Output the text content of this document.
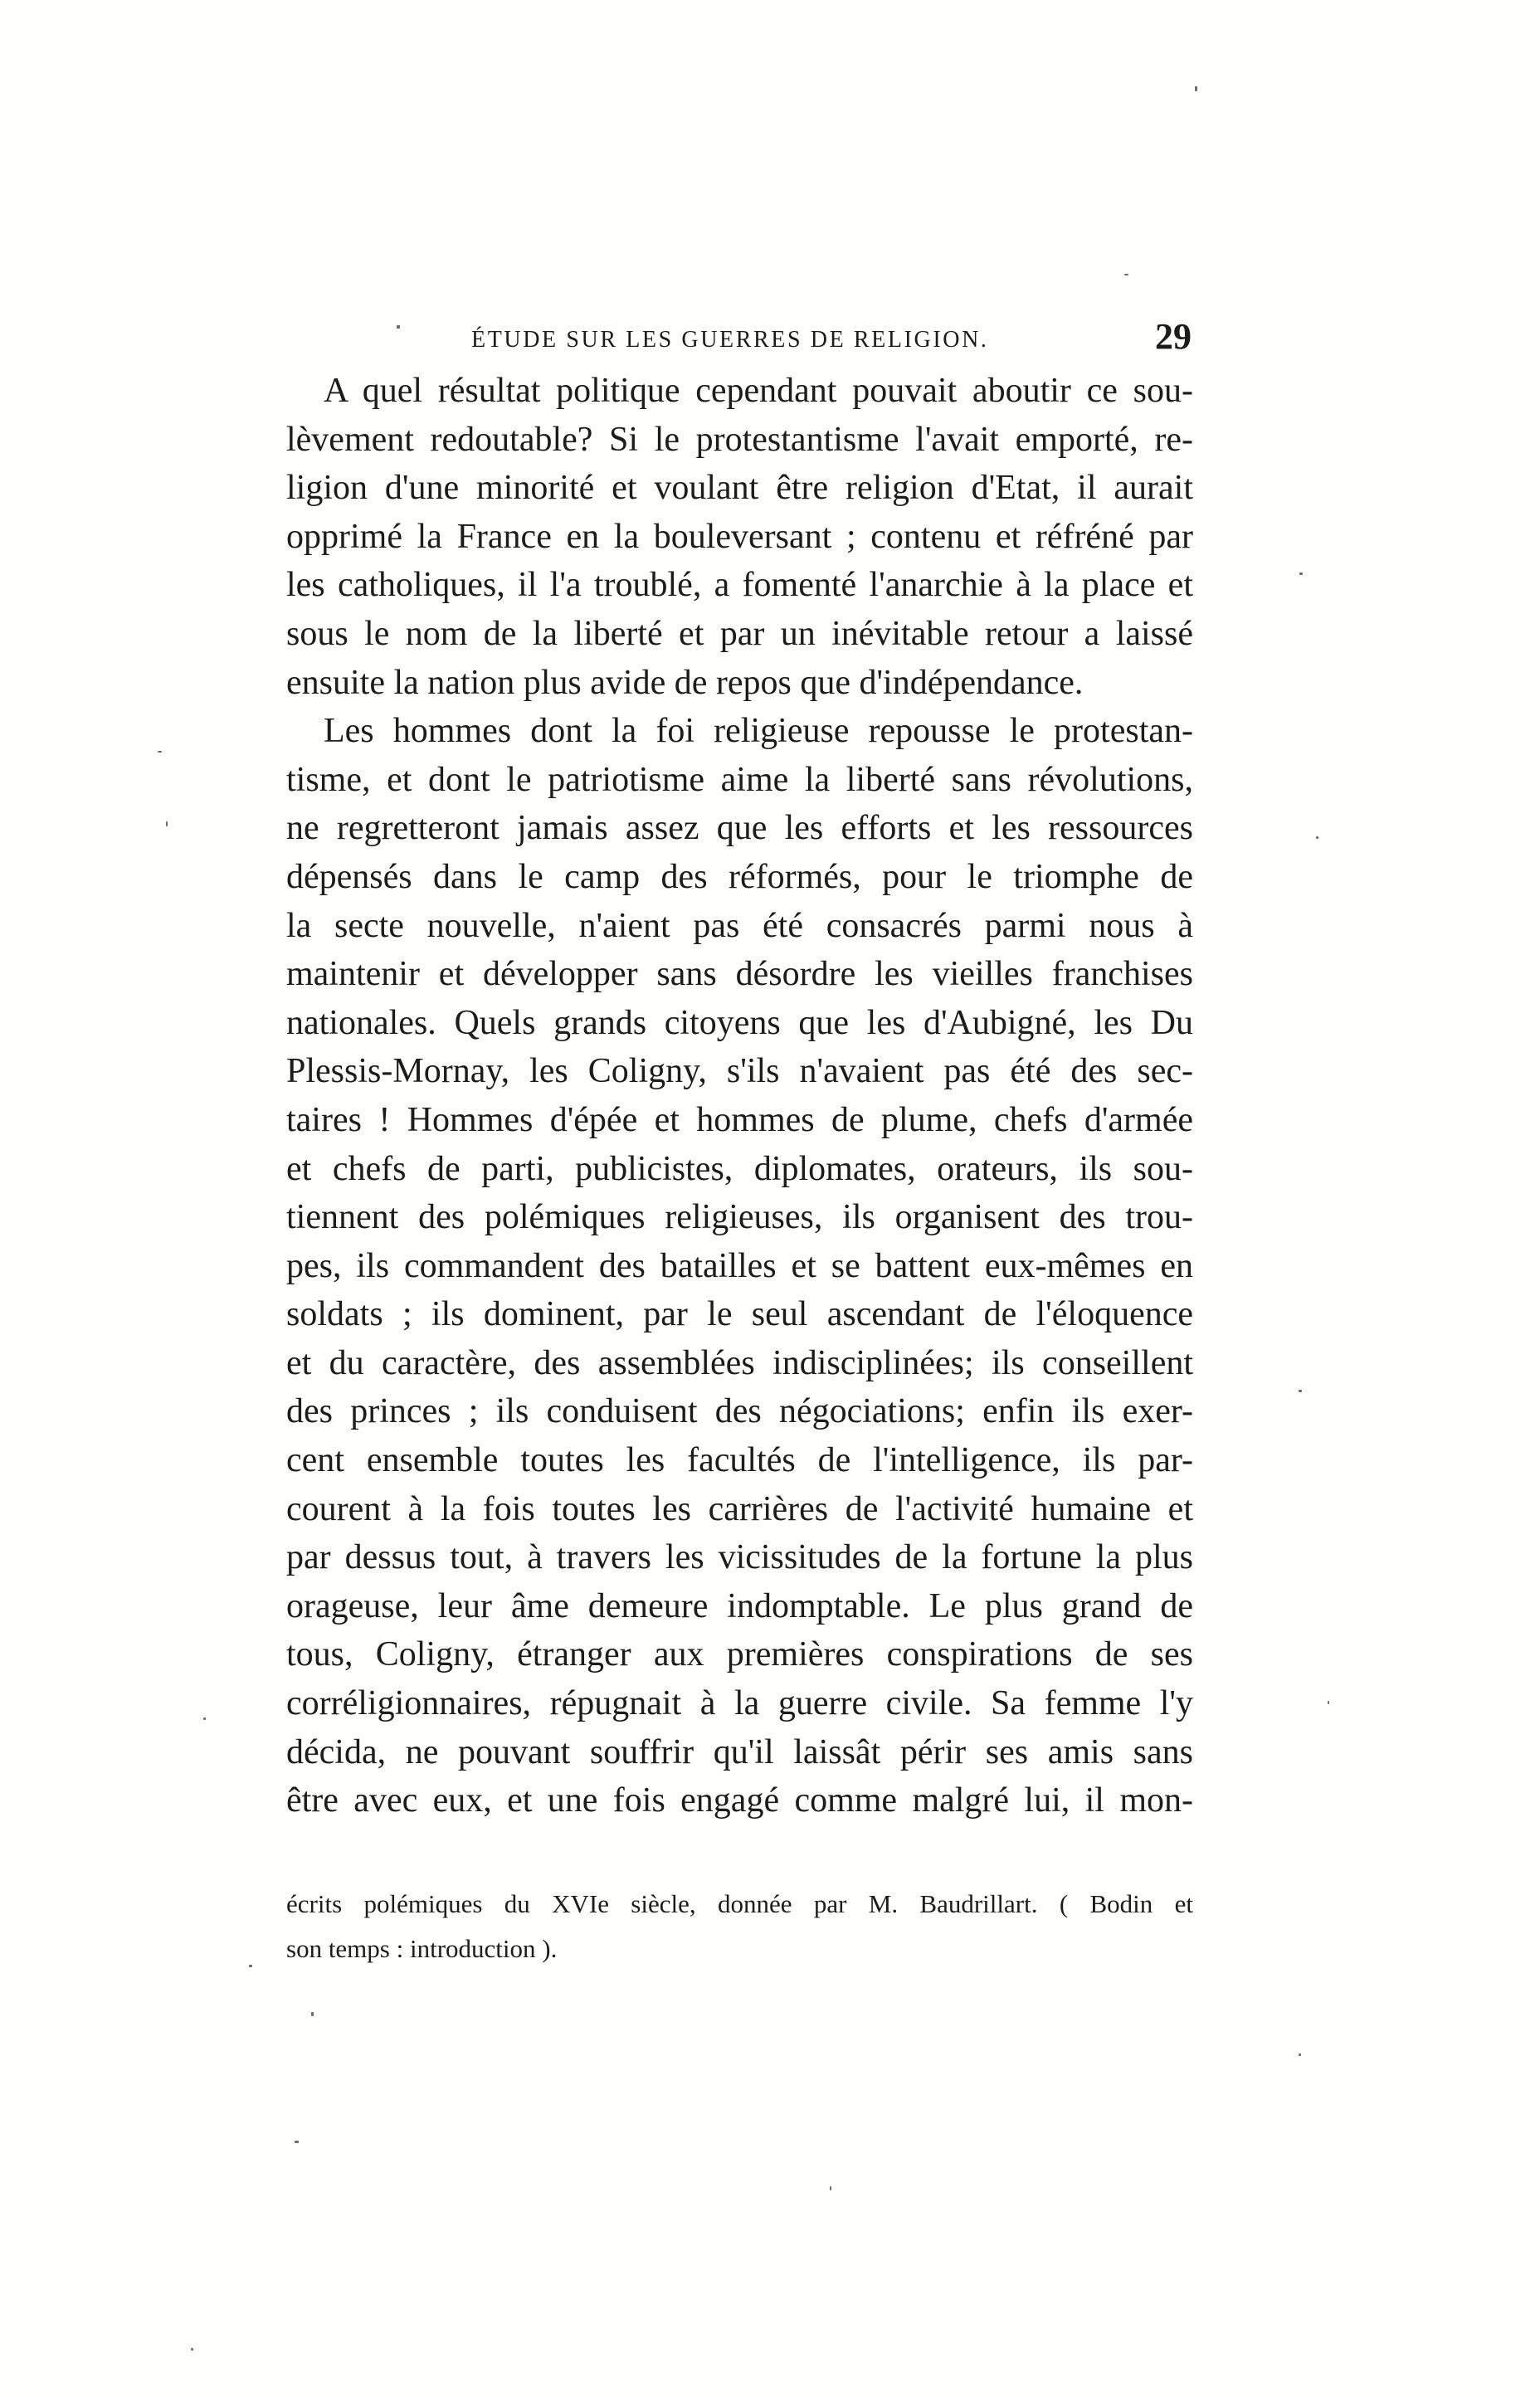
ÉTUDE SUR LES GUERRES DE RELIGION.	29
A quel résultat politique cependant pouvait aboutir ce sou-
lèvement redoutable? Si le protestantisme l'avait emporté, re-
ligion d'une minorité et voulant être religion d'Etat, il aurait
opprimé la France en la bouleversant ; contenu et réfréné par
les catholiques, il l'a troublé, a fomenté l'anarchie à la place et
sous le nom de la liberté et par un inévitable retour a laissé
ensuite la nation plus avide de repos que d'indépendance.
Les hommes dont la foi religieuse repousse le protestan-
tisme, et dont le patriotisme aime la liberté sans révolutions,
ne regretteront jamais assez que les efforts et les ressources
dépensés dans le camp des réformés, pour le triomphe de
la secte nouvelle, n'aient pas été consacrés parmi nous à
maintenir et développer sans désordre les vieilles franchises
nationales. Quels grands citoyens que les d'Aubigné, les Du
Plessis-Mornay, les Coligny, s'ils n'avaient pas été des sec-
taires ! Hommes d'épée et hommes de plume, chefs d'armée
et chefs de parti, publicistes, diplomates, orateurs, ils sou-
tiennent des polémiques religieuses, ils organisent des trou-
pes, ils commandent des batailles et se battent eux-mêmes en
soldats ; ils dominent, par le seul ascendant de l'éloquence
et du caractère, des assemblées indisciplinées; ils conseillent
des princes ; ils conduisent des négociations; enfin ils exer-
cent ensemble toutes les facultés de l'intelligence, ils par-
courent à la fois toutes les carrières de l'activité humaine et
par dessus tout, à travers les vicissitudes de la fortune la plus
orageuse, leur âme demeure indomptable. Le plus grand de
tous, Coligny, étranger aux premières conspirations de ses
corréligionnaires, répugnait à la guerre civile. Sa femme l'y
décida, ne pouvant souffrir qu'il laissât périr ses amis sans
être avec eux, et une fois engagé comme malgré lui, il mon-
écrits polémiques du XVIe siècle, donnée par M. Baudrillart. ( Bodin et
son temps : introduction ).
